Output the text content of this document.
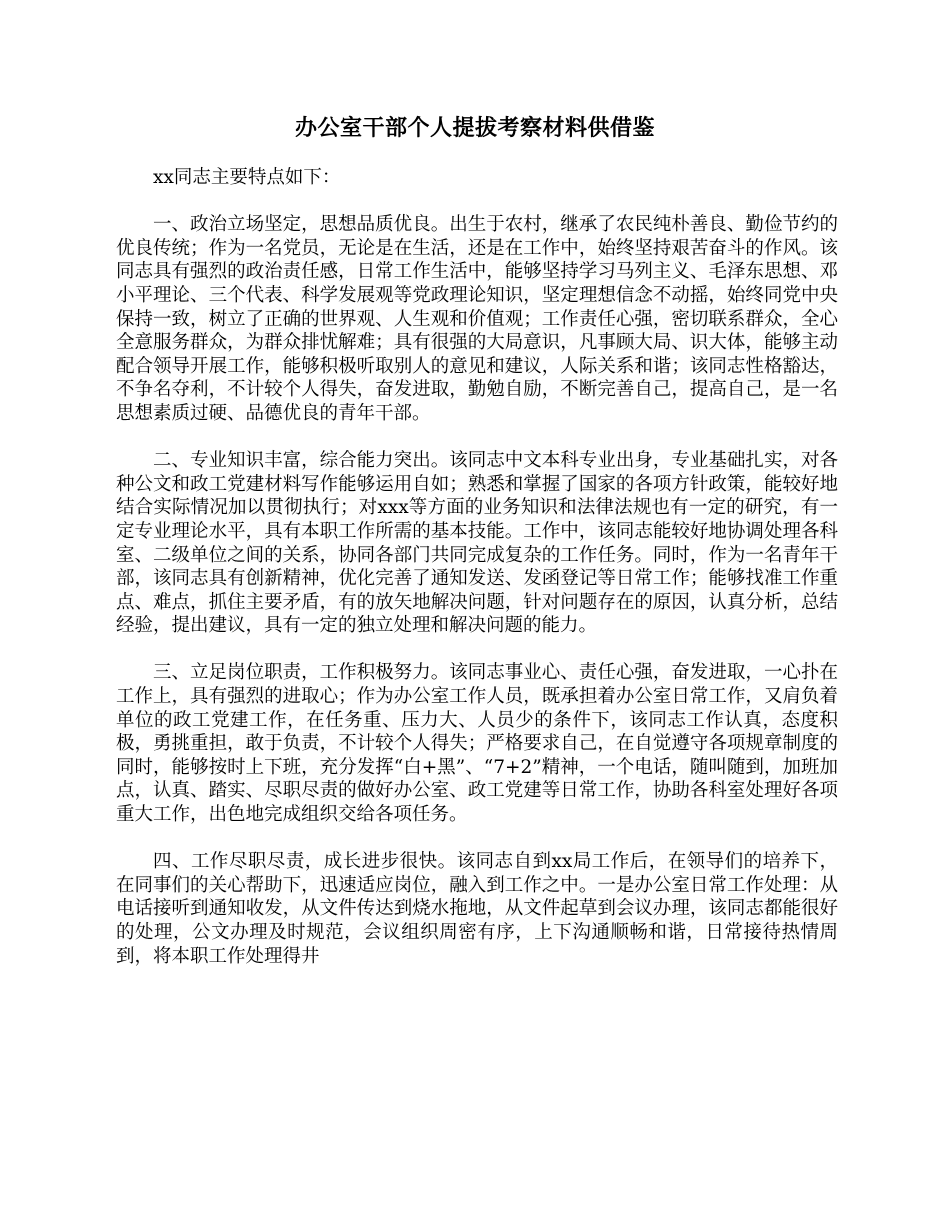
办公室干部个人提拔考察材料供借鉴

xx同志主要特点如下：

一、政治立场坚定，思想品质优良。出生于农村，继承了农民纯朴善良、勤俭节约的优良传统；作为一名党员，无论是在生活，还是在工作中，始终坚持艰苦奋斗的作风。该同志具有强烈的政治责任感，日常工作生活中，能够坚持学习马列主义、毛泽东思想、邓小平理论、三个代表、科学发展观等党政理论知识，坚定理想信念不动摇，始终同党中央保持一致，树立了正确的世界观、人生观和价值观；工作责任心强，密切联系群众，全心全意服务群众，为群众排忧解难；具有很强的大局意识，凡事顾大局、识大体，能够主动配合领导开展工作，能够积极听取别人的意见和建议，人际关系和谐；该同志性格豁达，不争名夺利，不计较个人得失，奋发进取，勤勉自励，不断完善自己，提高自己，是一名思想素质过硬、品德优良的青年干部。

二、专业知识丰富，综合能力突出。该同志中文本科专业出身，专业基础扎实，对各种公文和政工党建材料写作能够运用自如；熟悉和掌握了国家的各项方针政策，能较好地结合实际情况加以贯彻执行；对xxx等方面的业务知识和法律法规也有一定的研究，有一定专业理论水平，具有本职工作所需的基本技能。工作中，该同志能较好地协调处理各科室、二级单位之间的关系，协同各部门共同完成复杂的工作任务。同时，作为一名青年干部，该同志具有创新精神，优化完善了通知发送、发函登记等日常工作；能够找准工作重点、难点，抓住主要矛盾，有的放矢地解决问题，针对问题存在的原因，认真分析，总结经验，提出建议，具有一定的独立处理和解决问题的能力。

三、立足岗位职责，工作积极努力。该同志事业心、责任心强，奋发进取，一心扑在工作上，具有强烈的进取心；作为办公室工作人员，既承担着办公室日常工作，又肩负着单位的政工党建工作，在任务重、压力大、人员少的条件下，该同志工作认真，态度积极，勇挑重担，敢于负责，不计较个人得失；严格要求自己，在自觉遵守各项规章制度的同时，能够按时上下班，充分发挥“白+黑”、“7+2”精神，一个电话，随叫随到，加班加点，认真、踏实、尽职尽责的做好办公室、政工党建等日常工作，协助各科室处理好各项重大工作，出色地完成组织交给各项任务。

四、工作尽职尽责，成长进步很快。该同志自到xx局工作后，在领导们的培养下，在同事们的关心帮助下，迅速适应岗位，融入到工作之中。一是办公室日常工作处理：从电话接听到通知收发，从文件传达到烧水拖地，从文件起草到会议办理，该同志都能很好的处理，公文办理及时规范，会议组织周密有序，上下沟通顺畅和谐，日常接待热情周到，将本职工作处理得井
